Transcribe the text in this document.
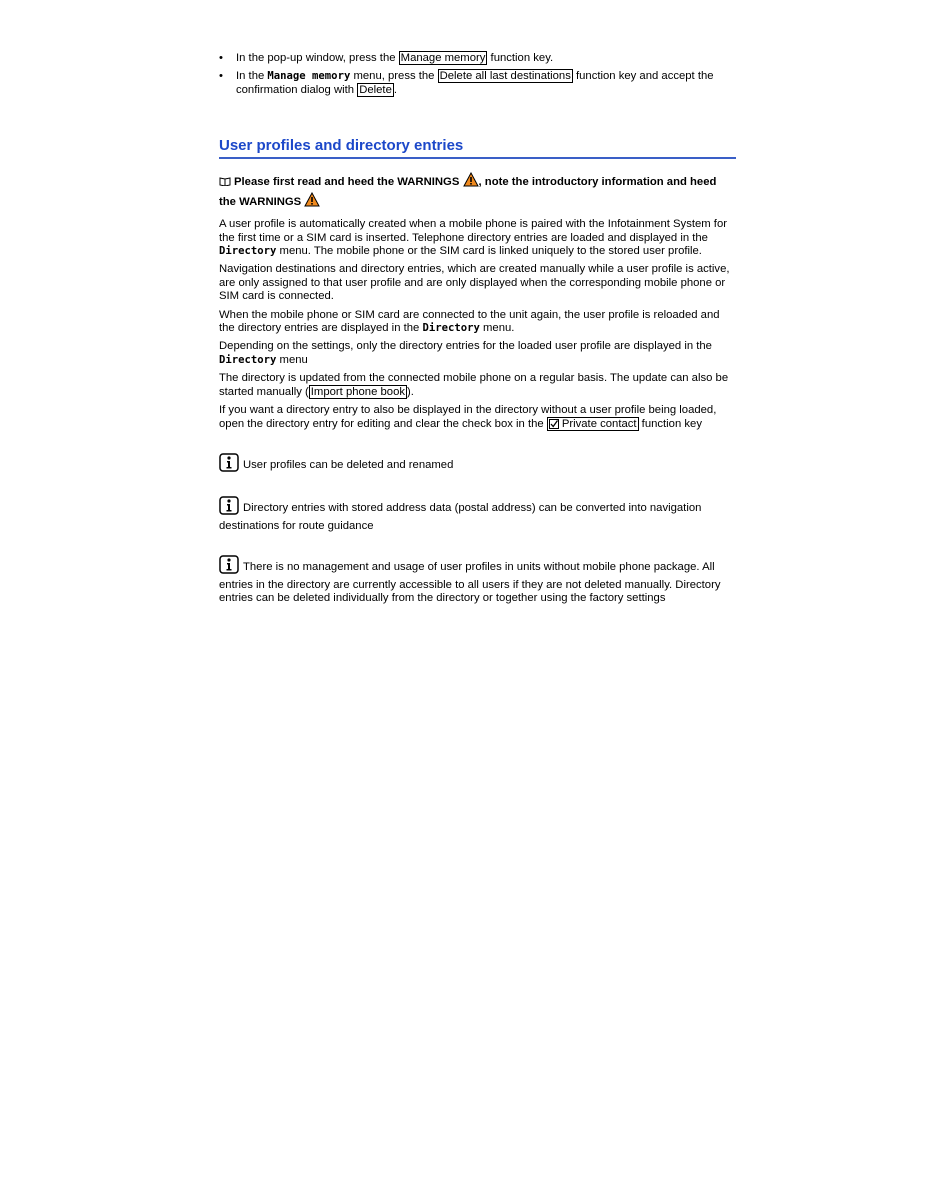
• In the pop-up window, press the Manage memory function key.
• In the Manage memory menu, press the Delete all last destinations function key and accept the confirmation dialog with Delete .
User profiles and directory entries
Please first read and heed the WARNINGS , note the introductory information and heed the WARNINGS

A user profile is automatically created when a mobile phone is paired with the Infotainment System for the first time or a SIM card is inserted. Telephone directory entries are loaded and displayed in the Directory menu. The mobile phone or the SIM card is linked uniquely to the stored user profile.

Navigation destinations and directory entries, which are created manually while a user profile is active, are only assigned to that user profile and are only displayed when the corresponding mobile phone or SIM card is connected.

When the mobile phone or SIM card are connected to the unit again, the user profile is reloaded and the directory entries are displayed in the Directory menu.

Depending on the settings, only the directory entries for the loaded user profile are displayed in the Directory menu

The directory is updated from the connected mobile phone on a regular basis. The update can also be started manually ( Import phone book ).

If you want a directory entry to also be displayed in the directory without a user profile being loaded, open the directory entry for editing and clear the check box in the Private contact function key

User profiles can be deleted and renamed
Directory entries with stored address data (postal address) can be converted into navigation destinations for route guidance
There is no management and usage of user profiles in units without mobile phone package. All entries in the directory are currently accessible to all users if they are not deleted manually. Directory entries can be deleted individually from the directory or together using the factory settings
